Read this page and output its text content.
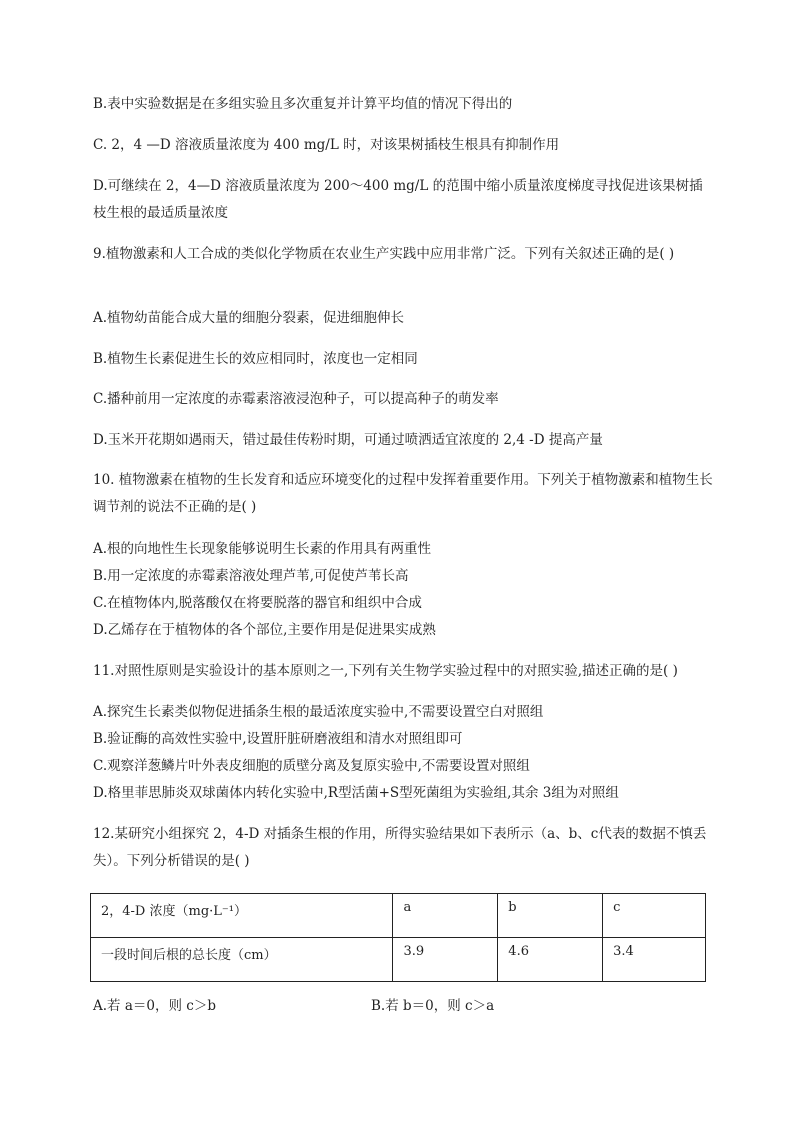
B.表中实验数据是在多组实验且多次重复并计算平均值的情况下得出的
C. 2，4 —D 溶液质量浓度为 400 mg/L 时，对该果树插枝生根具有抑制作用
D.可继续在 2，4—D 溶液质量浓度为 200～400 mg/L 的范围中缩小质量浓度梯度寻找促进该果树插枝生根的最适质量浓度
9.植物激素和人工合成的类似化学物质在农业生产实践中应用非常广泛。下列有关叙述正确的是( )
A.植物幼苗能合成大量的细胞分裂素，促进细胞伸长
B.植物生长素促进生长的效应相同时，浓度也一定相同
C.播种前用一定浓度的赤霉素溶液浸泡种子，可以提高种子的萌发率
D.玉米开花期如遇雨天，错过最佳传粉时期，可通过喷洒适宜浓度的 2,4 -D 提高产量
10. 植物激素在植物的生长发育和适应环境变化的过程中发挥着重要作用。下列关于植物激素和植物生长调节剂的说法不正确的是( )
A.根的向地性生长现象能够说明生长素的作用具有两重性
B.用一定浓度的赤霉素溶液处理芦苇,可促使芦苇长高
C.在植物体内,脱落酸仅在将要脱落的器官和组织中合成
D.乙烯存在于植物体的各个部位,主要作用是促进果实成熟
11.对照性原则是实验设计的基本原则之一,下列有关生物学实验过程中的对照实验,描述正确的是( )
A.探究生长素类似物促进插条生根的最适浓度实验中,不需要设置空白对照组
B.验证酶的高效性实验中,设置肝脏研磨液组和清水对照组即可
C.观察洋葱鳞片叶外表皮细胞的质壁分离及复原实验中,不需要设置对照组
D.格里菲思肺炎双球菌体内转化实验中,R型活菌+S型死菌组为实验组,其余 3组为对照组
12.某研究小组探究 2，4-D 对插条生根的作用，所得实验结果如下表所示（a、b、c代表的数据不慎丢失）。下列分析错误的是( )
2，4-D 浓度（mg·L⁻¹）	a	b	c
一段时间后根的总长度（cm）	3.9	4.6	3.4
A.若 a＝0，则 c＞b	B.若 b＝0，则 c＞a
